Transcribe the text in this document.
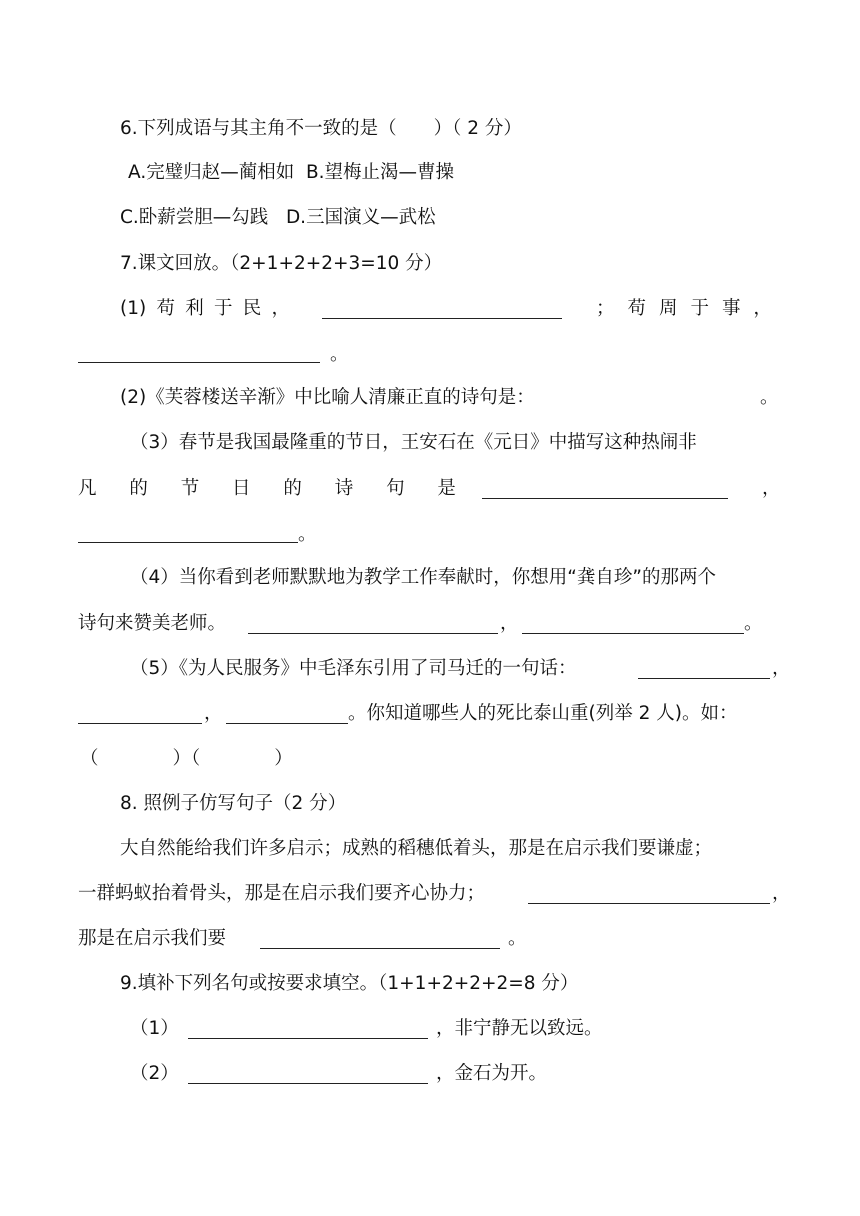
6.下列成语与其主角不一致的是（　　）（ 2 分）
A.完璧归赵—蔺相如  B.望梅止渴—曹操
C.卧薪尝胆—勾践   D.三国演义—武松
7.课文回放。（2+1+2+2+3=10 分）
(1) 苟 利 于 民 ，	； 苟 周 于 事 ，
。
(2)《芙蓉楼送辛渐》中比喻人清廉正直的诗句是：	。
（3）春节是我国最隆重的节日，王安石在《元日》中描写这种热闹非
凡 的 节 日 的 诗 句 是	，
。
（4）当你看到老师默默地为教学工作奉献时，你想用“龚自珍”的那两个
诗句来赞美老师。	，	。
（5）《为人民服务》中毛泽东引用了司马迁的一句话：	，
，	。你知道哪些人的死比泰山重(列举 2 人)。如：
（　　　　）（　　　　）
8. 照例子仿写句子（2 分）
大自然能给我们许多启示；成熟的稻穗低着头，那是在启示我们要谦虚；
一群蚂蚁抬着骨头，那是在启示我们要齐心协力；	，
那是在启示我们要	。
9.填补下列名句或按要求填空。（1+1+2+2+2=8 分）
（1）	，非宁静无以致远。
（2）	，金石为开。
